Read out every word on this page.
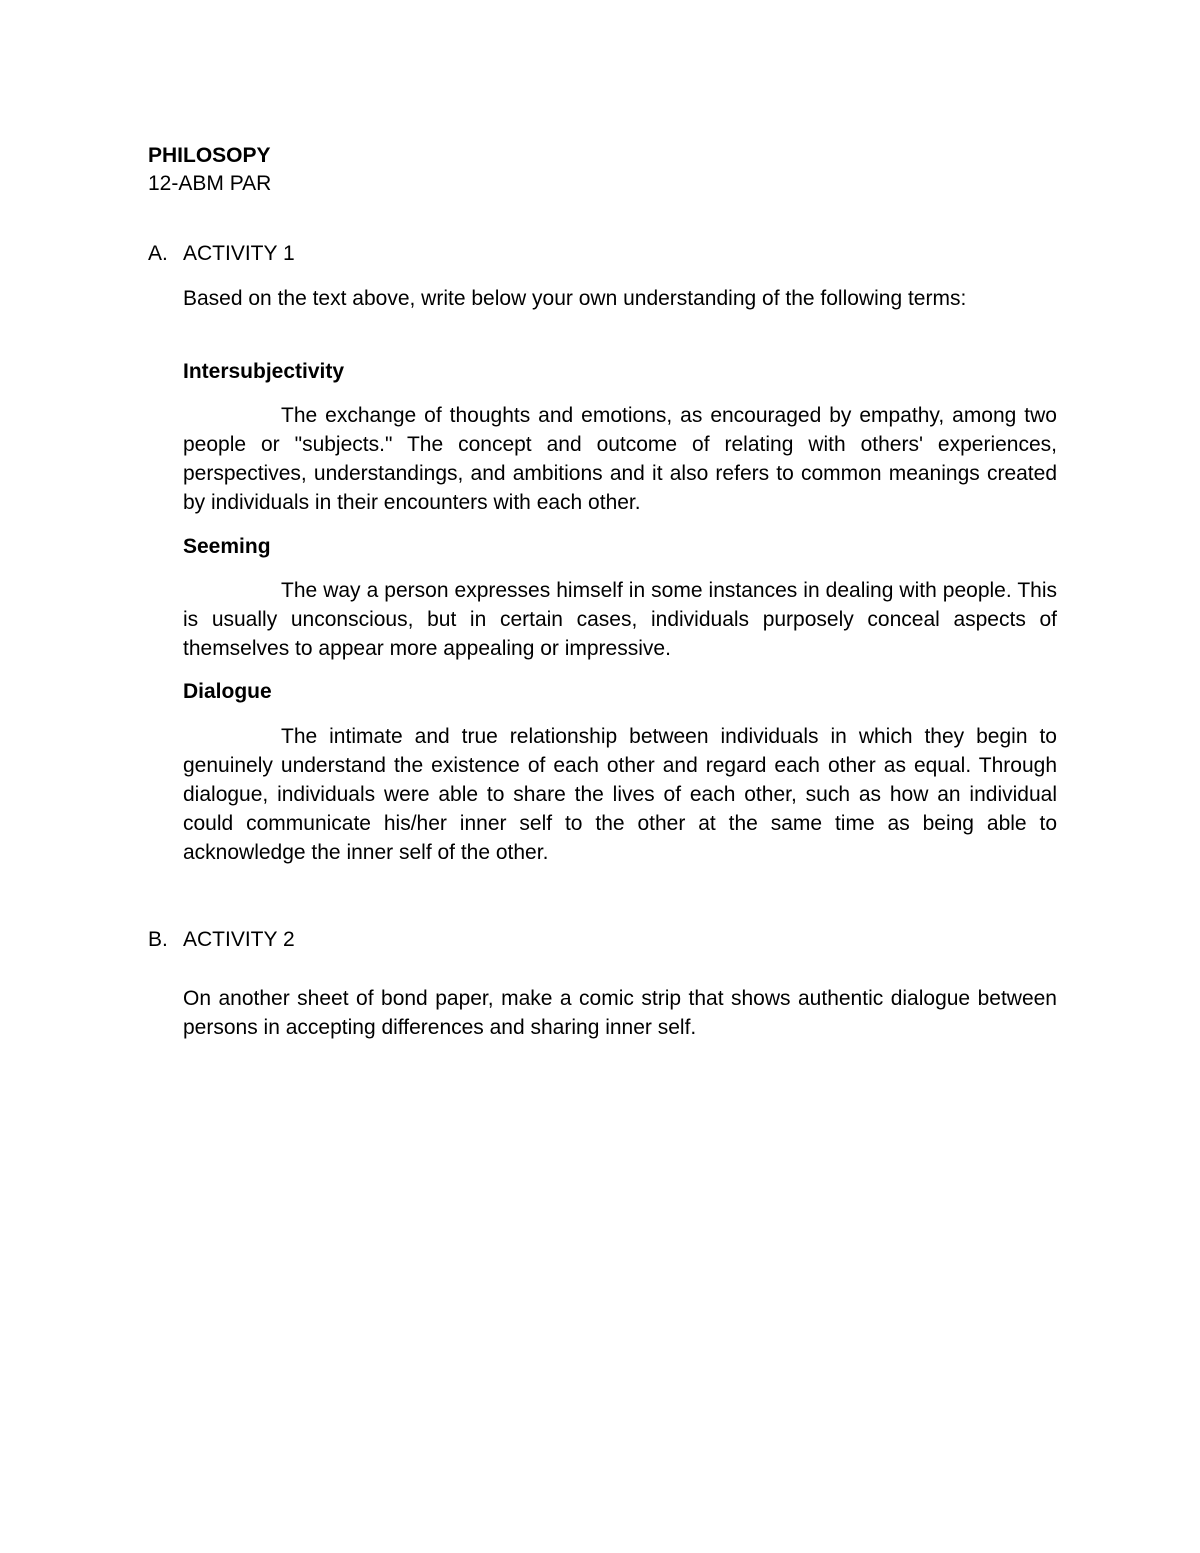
PHILOSOPY
12-ABM PAR
A. ACTIVITY 1
Based on the text above, write below your own understanding of the following terms:
Intersubjectivity
The exchange of thoughts and emotions, as encouraged by empathy, among two people or "subjects." The concept and outcome of relating with others' experiences, perspectives, understandings, and ambitions and it also refers to common meanings created by individuals in their encounters with each other.
Seeming
The way a person expresses himself in some instances in dealing with people. This is usually unconscious, but in certain cases, individuals purposely conceal aspects of themselves to appear more appealing or impressive.
Dialogue
The intimate and true relationship between individuals in which they begin to genuinely understand the existence of each other and regard each other as equal. Through dialogue, individuals were able to share the lives of each other, such as how an individual could communicate his/her inner self to the other at the same time as being able to acknowledge the inner self of the other.
B. ACTIVITY 2
On another sheet of bond paper, make a comic strip that shows authentic dialogue between persons in accepting differences and sharing inner self.
